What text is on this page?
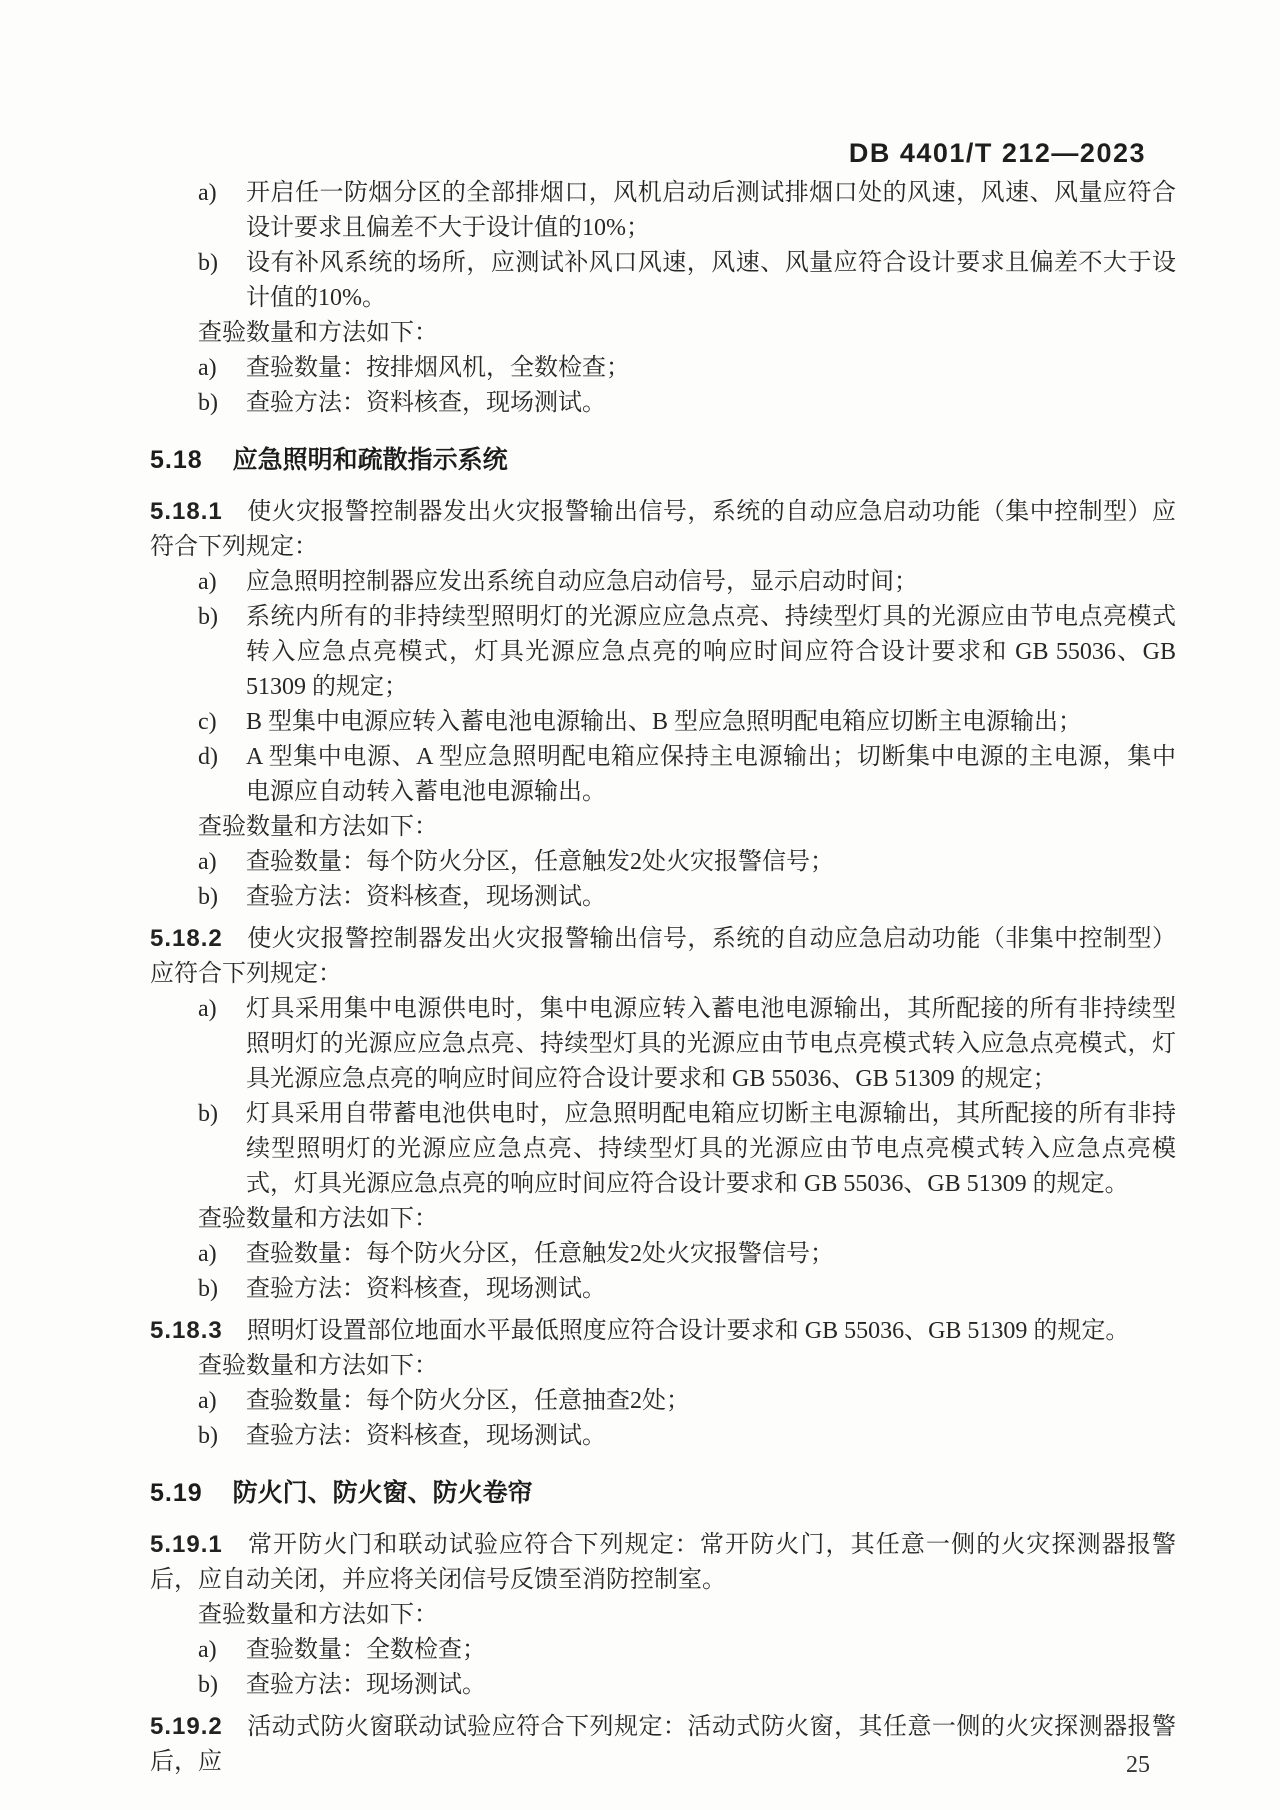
DB 4401/T 212—2023
a) 开启任一防烟分区的全部排烟口，风机启动后测试排烟口处的风速，风速、风量应符合设计要求且偏差不大于设计值的10%；
b) 设有补风系统的场所，应测试补风口风速，风速、风量应符合设计要求且偏差不大于设计值的10%。
查验数量和方法如下：
a) 查验数量：按排烟风机，全数检查；
b) 查验方法：资料核查，现场测试。
5.18 应急照明和疏散指示系统
5.18.1 使火灾报警控制器发出火灾报警输出信号，系统的自动应急启动功能（集中控制型）应符合下列规定：
a) 应急照明控制器应发出系统自动应急启动信号，显示启动时间；
b) 系统内所有的非持续型照明灯的光源应应急点亮、持续型灯具的光源应由节电点亮模式转入应急点亮模式，灯具光源应急点亮的响应时间应符合设计要求和 GB 55036、GB 51309 的规定；
c) B 型集中电源应转入蓄电池电源输出、B 型应急照明配电箱应切断主电源输出；
d) A 型集中电源、A 型应急照明配电箱应保持主电源输出；切断集中电源的主电源，集中电源应自动转入蓄电池电源输出。
查验数量和方法如下：
a) 查验数量：每个防火分区，任意触发2处火灾报警信号；
b) 查验方法：资料核查，现场测试。
5.18.2 使火灾报警控制器发出火灾报警输出信号，系统的自动应急启动功能（非集中控制型）应符合下列规定：
a) 灯具采用集中电源供电时，集中电源应转入蓄电池电源输出，其所配接的所有非持续型照明灯的光源应应急点亮、持续型灯具的光源应由节电点亮模式转入应急点亮模式，灯具光源应急点亮的响应时间应符合设计要求和 GB 55036、GB 51309 的规定；
b) 灯具采用自带蓄电池供电时，应急照明配电箱应切断主电源输出，其所配接的所有非持续型照明灯的光源应应急点亮、持续型灯具的光源应由节电点亮模式转入应急点亮模式，灯具光源应急点亮的响应时间应符合设计要求和 GB 55036、GB 51309 的规定。
查验数量和方法如下：
a) 查验数量：每个防火分区，任意触发2处火灾报警信号；
b) 查验方法：资料核查，现场测试。
5.18.3 照明灯设置部位地面水平最低照度应符合设计要求和 GB 55036、GB 51309 的规定。
查验数量和方法如下：
a) 查验数量：每个防火分区，任意抽查2处；
b) 查验方法：资料核查，现场测试。
5.19 防火门、防火窗、防火卷帘
5.19.1 常开防火门和联动试验应符合下列规定：常开防火门，其任意一侧的火灾探测器报警后，应自动关闭，并应将关闭信号反馈至消防控制室。
查验数量和方法如下：
a) 查验数量：全数检查；
b) 查验方法：现场测试。
5.19.2 活动式防火窗联动试验应符合下列规定：活动式防火窗，其任意一侧的火灾探测器报警后，应	25
